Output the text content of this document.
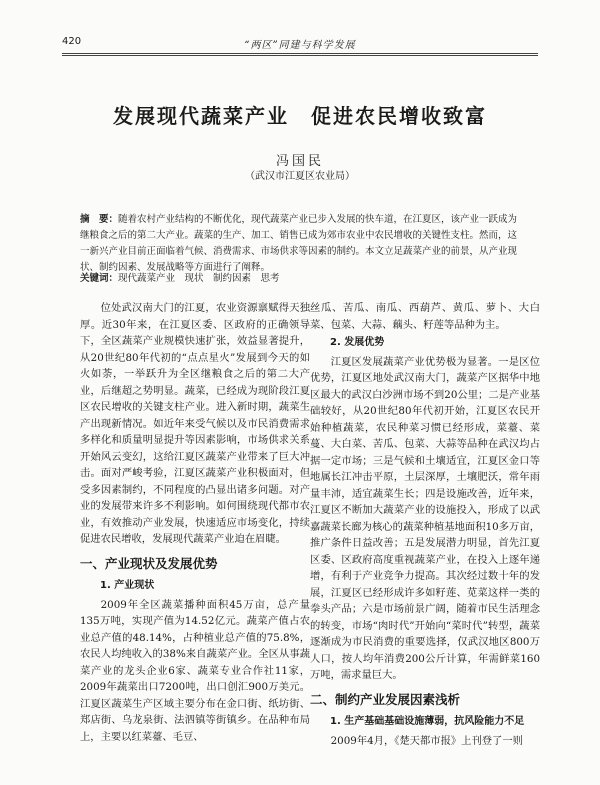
420	“两区”同建与科学发展
发展现代蔬菜产业　促进农民增收致富
冯国民
（武汉市江夏区农业局）
摘　要：随着农村产业结构的不断优化，现代蔬菜产业已步入发展的快车道，在江夏区，该产业一跃成为继粮食之后的第二大产业。蔬菜的生产、加工、销售已成为郊市农业中农民增收的关键性支柱。然而，这一新兴产业目前正面临着气候、消费需求、市场供求等因素的制约。本文立足蔬菜产业的前景，从产业现状、制约因素、发展战略等方面进行了阐释。
关键词：现代蔬菜产业　现状　制约因素　思考

位处武汉南大门的江夏，农业资源禀赋得天独厚。近30年来，在江夏区委、区政府的正确领导下，全区蔬菜产业规模快速扩张，效益显著提升，从20世纪80年代初的“点点星火”发展到今天的如火如荼，一举跃升为全区继粮食之后的第二大产业，后继超之势明显。蔬菜，已经成为现阶段江夏区农民增收的关键支柱产业。进入新时期，蔬菜生产出现新情况。如近年来受气候以及市民消费需求多样化和质量明显提升等因素影响，市场供求关系开始风云变幻，这给江夏区蔬菜产业带来了巨大冲击。面对严峻考验，江夏区蔬菜产业积极面对，但受多因素制约，不同程度的凸显出诸多问题。对产业的发展带来许多不利影响。如何围绕现代都市农业，有效推动产业发展，快速适应市场变化，持续促进农民增收，发展现代蔬菜产业迫在眉睫。

一、产业现状及发展优势
1. 产业现状

2009年全区蔬菜播种面积45万亩，总产量135万吨，实现产值为14.52亿元。蔬菜产值占农业总产值的48.14%，占种植业总产值的75.8%，农民人均纯收入的38%来自蔬菜产业。全区从事蔬菜产业的龙头企业6家、蔬菜专业合作社11家，2009年蔬菜出口7200吨，出口创汇900万美元。江夏区蔬菜生产区域主要分布在金口街、纸坊街、郑店街、乌龙泉街、法泗镇等街镇乡。在品种布局上，主要以红菜薹、毛豆、

丝瓜、苦瓜、南瓜、西葫芦、黄瓜、萝卜、大白菜、包菜、大蒜、藕头、籽莲等品种为主。

2. 发展优势

江夏区发展蔬菜产业优势极为显著。一是区位优势，江夏区地处武汉南大门，蔬菜产区据华中地区最大的武汉白沙洲市场不到20公里；二是产业基础较好，从20世纪80年代初开始，江夏区农民开始种植蔬菜，农民种菜习惯已经形成，菜薹、菜蔓、大白菜、苦瓜、包菜、大蒜等品种在武汉均占据一定市场；三是气候和土壤适宜，江夏区金口等地属长江冲击平原，土层深厚，土壤肥沃，常年雨量丰沛，适宜蔬菜生长；四是设施改善，近年来，江夏区不断加大蔬菜产业的设施投入，形成了以武嘉蔬菜长廊为核心的蔬菜种植基地面积10多万亩，推广条件日益改善；五是发展潜力明显，首先江夏区委、区政府高度重视蔬菜产业，在投入上逐年递增，有利于产业竞争力提高。其次经过数十年的发展，江夏区已经形成许多如籽莲、苋菜这样一类的拳头产品；六是市场前景广阔，随着市民生活理念的转变，市场“肉时代”开始向“菜时代”转型，蔬菜逐渐成为市民消费的重要选择，仅武汉地区800万人口，按人均年消费200公斤计算，年需鲜菜160万吨，需求量巨大。

二、制约产业发展因素浅析
1. 生产基础基础设施薄弱，抗风险能力不足

2009年4月，《楚天都市报》上刊登了一则
